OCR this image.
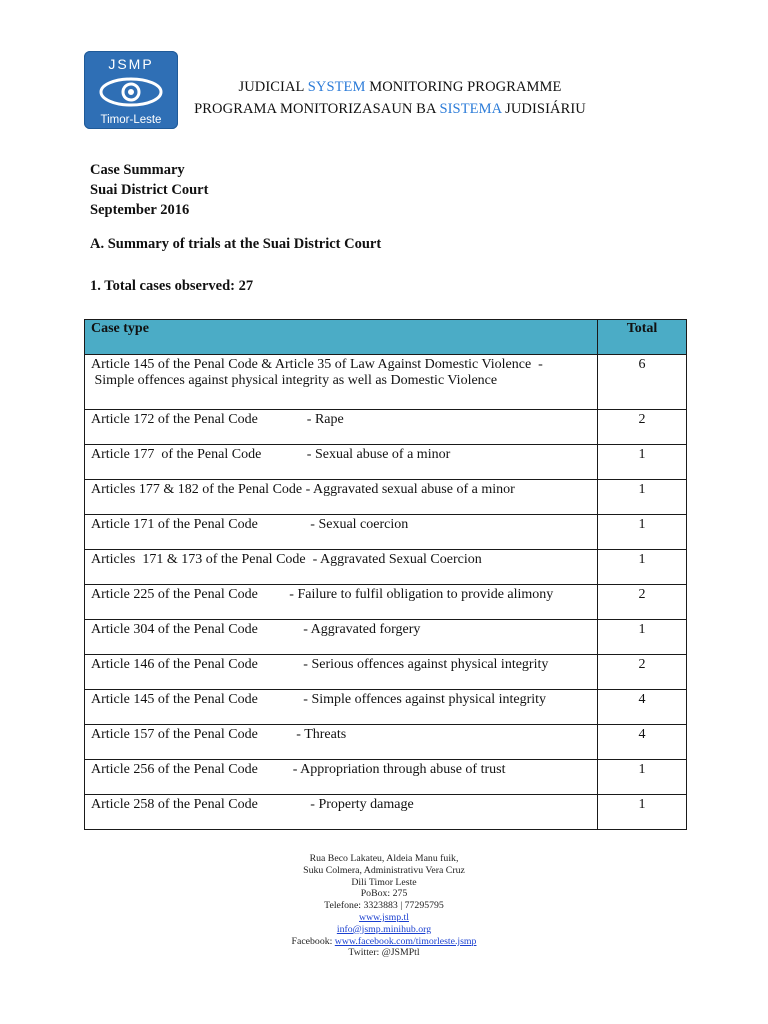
JSMP
Timor-Leste
JUDICIAL SYSTEM MONITORING PROGRAMME
PROGRAMA MONITORIZASAUN BA SISTEMA JUDISIÁRIU
Case Summary
Suai District Court
September 2016
A. Summary of trials at the Suai District Court
1. Total cases observed: 27
Case type	Total

Article 145 of the Penal Code & Article 35 of Law Against Domestic Violence  -
Simple offences against physical integrity as well as Domestic Violence	6

Article 172 of the Penal Code              - Rape	2

Article 177  of the Penal Code             - Sexual abuse of a minor	1

Articles 177 & 182 of the Penal Code - Aggravated sexual abuse of a minor	1

Article 171 of the Penal Code               - Sexual coercion	1

Articles  171 & 173 of the Penal Code  - Aggravated Sexual Coercion	1

Article 225 of the Penal Code         - Failure to fulfil obligation to provide alimony	2

Article 304 of the Penal Code             - Aggravated forgery	1

Article 146 of the Penal Code             - Serious offences against physical integrity	2

Article 145 of the Penal Code             - Simple offences against physical integrity	4

Article 157 of the Penal Code           - Threats	4

Article 256 of the Penal Code          - Appropriation through abuse of trust	1

Article 258 of the Penal Code               - Property damage	1
Rua Beco Lakateu, Aldeia Manu fuik,
Suku Colmera, Administrativu Vera Cruz
Dili Timor Leste
PoBox: 275
Telefone: 3323883 | 77295795
www.jsmp.tl
info@jsmp.minihub.org
Facebook: www.facebook.com/timorleste.jsmp
Twitter: @JSMPtl
